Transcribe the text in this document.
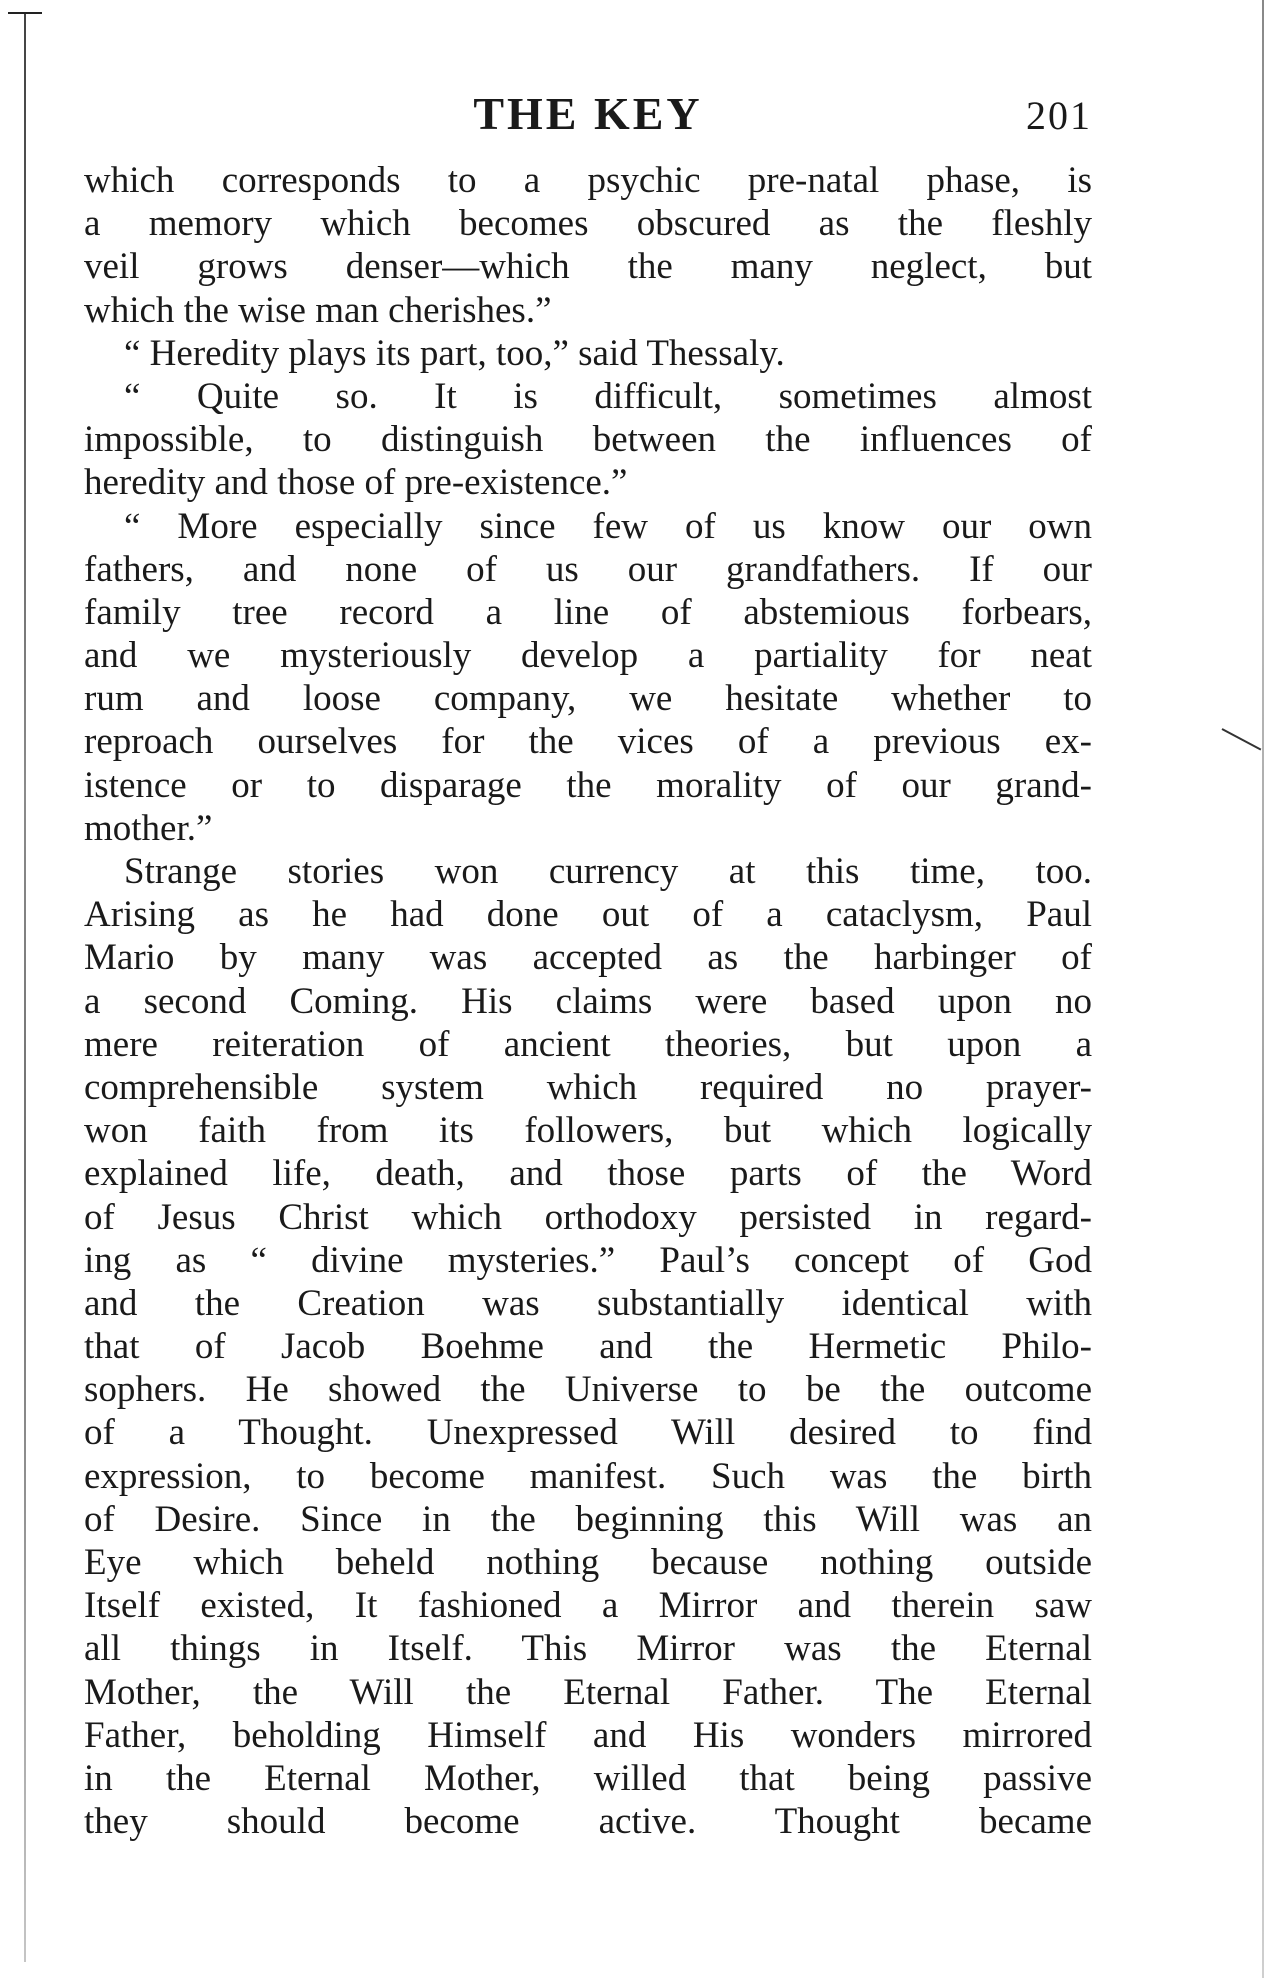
THE KEY	201
which corresponds to a psychic pre-natal phase, is
a memory which becomes obscured as the fleshly
veil grows denser—which the many neglect, but
which the wise man cherishes.”
“ Heredity plays its part, too,” said Thessaly.
“ Quite so. It is difficult, sometimes almost
impossible, to distinguish between the influences of
heredity and those of pre-existence.”
“ More especially since few of us know our own
fathers, and none of us our grandfathers. If our
family tree record a line of abstemious forbears,
and we mysteriously develop a partiality for neat
rum and loose company, we hesitate whether to
reproach ourselves for the vices of a previous ex-
istence or to disparage the morality of our grand-
mother.”
Strange stories won currency at this time, too.
Arising as he had done out of a cataclysm, Paul
Mario by many was accepted as the harbinger of
a second Coming. His claims were based upon no
mere reiteration of ancient theories, but upon a
comprehensible system which required no prayer-
won faith from its followers, but which logically
explained life, death, and those parts of the Word
of Jesus Christ which orthodoxy persisted in regard-
ing as “ divine mysteries.” Paul’s concept of God
and the Creation was substantially identical with
that of Jacob Boehme and the Hermetic Philo-
sophers. He showed the Universe to be the outcome
of a Thought. Unexpressed Will desired to find
expression, to become manifest. Such was the birth
of Desire. Since in the beginning this Will was an
Eye which beheld nothing because nothing outside
Itself existed, It fashioned a Mirror and therein saw
all things in Itself. This Mirror was the Eternal
Mother, the Will the Eternal Father. The Eternal
Father, beholding Himself and His wonders mirrored
in the Eternal Mother, willed that being passive
they should become active. Thought became
